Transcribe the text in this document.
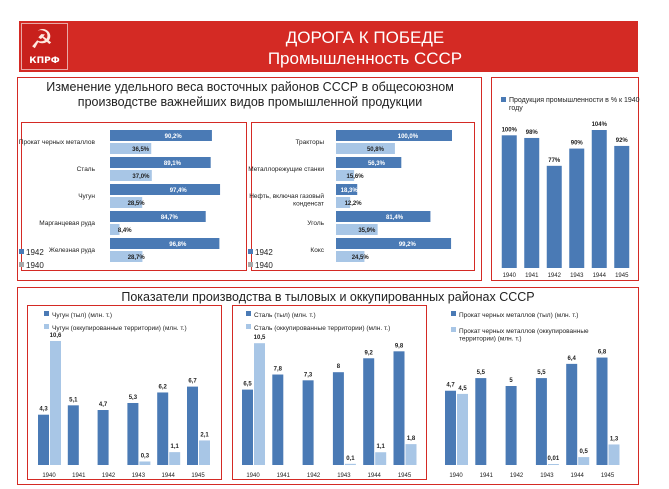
☭
КПРФ
ДОРОГА К ПОБЕДЕ
Промышленность СССР
Изменение удельного веса восточных районов СССР в общесоюзном
производстве важнейших видов промышленной продукции
Показатели производства в тыловых и оккупированных районах СССР
Прокат черных металлов
90,2%
36,5%
Сталь
89,1%
37,0%
Чугун
97,4%
28,5%
Марганцевая руда
84,7%
8,4%
Железная руда
96,8%
28,7%
1942
1940
Тракторы
100,0%
50,8%
Металлорежущие станки
56,3%
15,6%
Нефть, включая газовый конденсат
18,3%
12,2%
Уголь
81,4%
35,9%
Кокс
99,2%
24,5%
1942
1940
Продукция промышленности в % к 1940 году
100%
1940
98%
1941
77%
1942
90%
1943
104%
1944
92%
1945
Чугун (тыл) (млн. т.)
Чугун (оккупированные территории) (млн. т.)
4,3
10,6
1940
5,1
1941
4,7
1942
5,3
0,3
1943
6,2
1,1
1944
6,7
2,1
1945
Сталь (тыл) (млн. т.)
Сталь (оккупированные территории) (млн. т.)
6,5
10,5
1940
7,8
1941
7,3
1942
8
0,1
1943
9,2
1,1
1944
9,8
1,8
1945
Прокат черных металлов (тыл) (млн. т.)
Прокат черных металлов (оккупированные территории) (млн. т.)
4,7
4,5
1940
5,5
1941
5
1942
5,5
0,01
1943
6,4
0,5
1944
6,8
1,3
1945
